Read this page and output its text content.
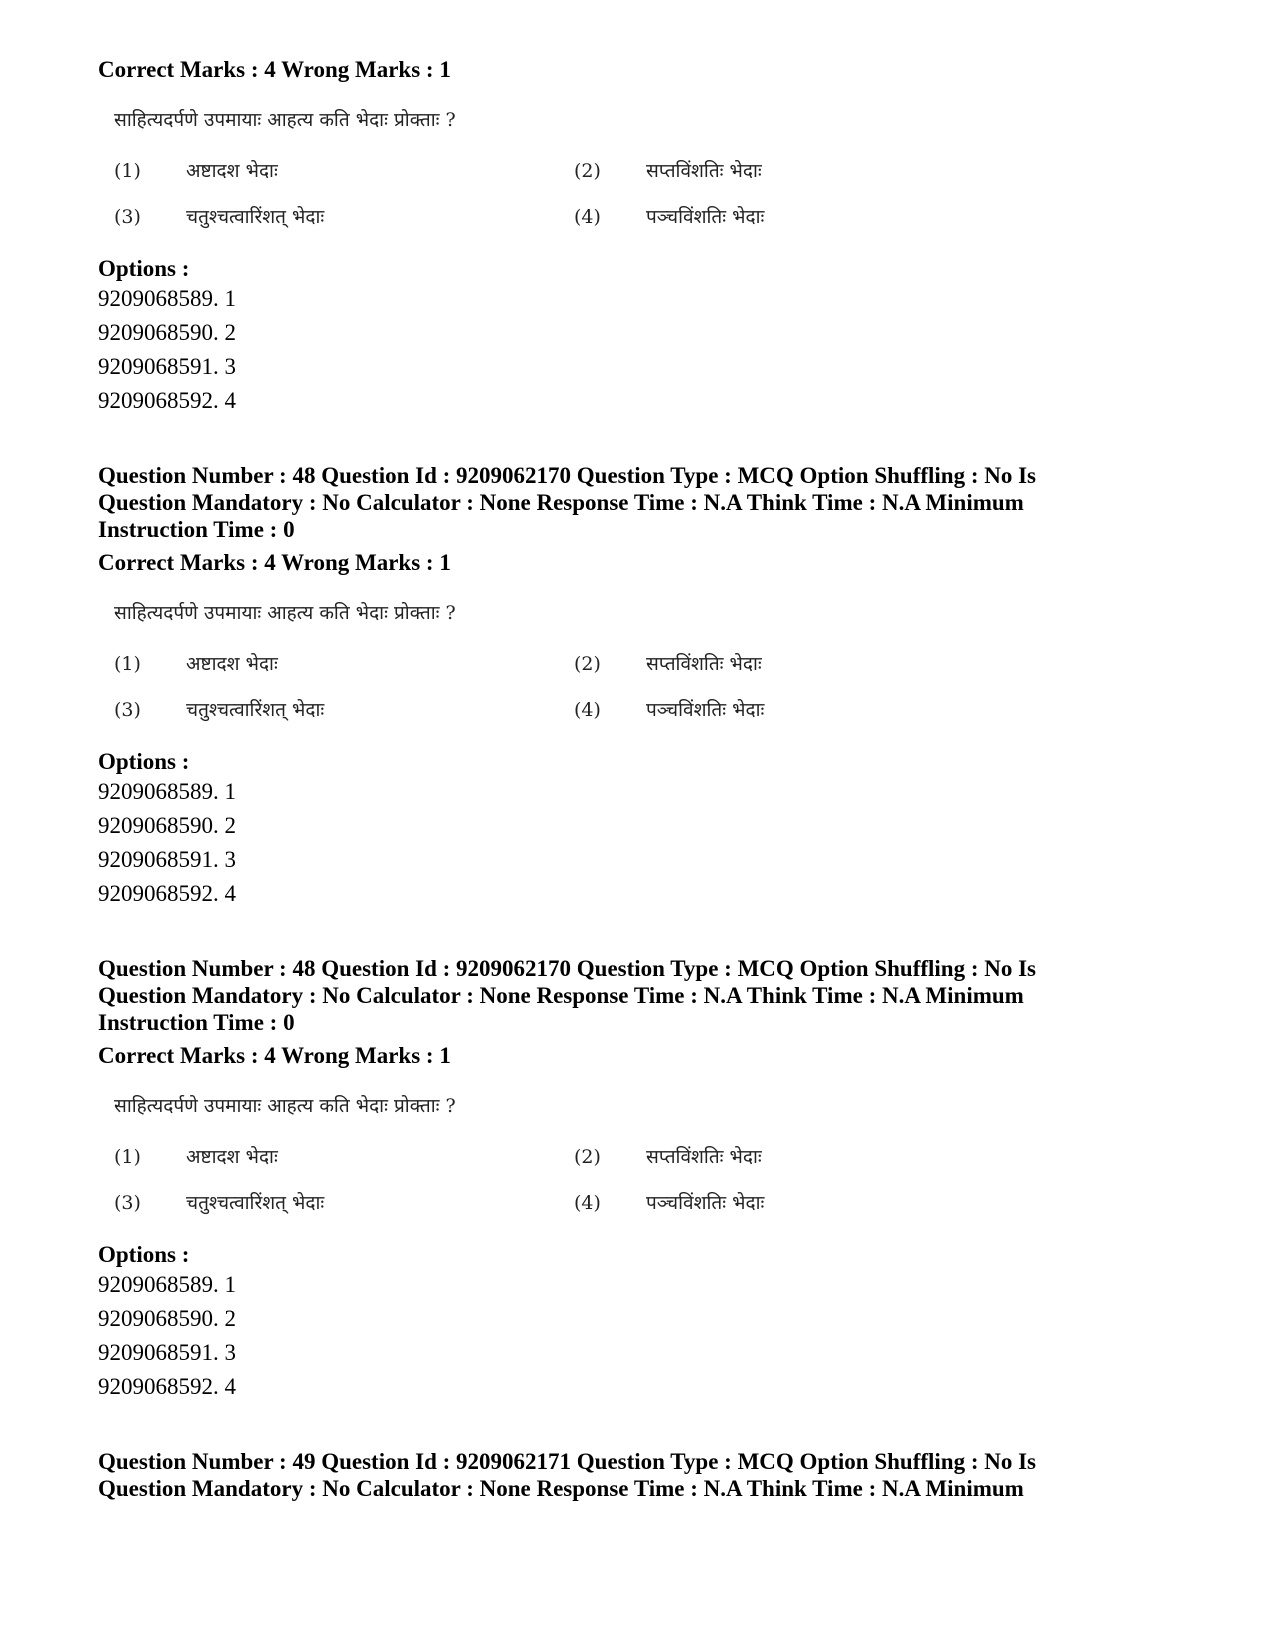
Correct Marks : 4 Wrong Marks : 1
साहित्यदर्पणे उपमायाः आहत्य कति भेदाः प्रोक्ताः ?
(1)	अष्टादश भेदाः	(2)	सप्तविंशतिः भेदाः
(3)	चतुश्चत्वारिंशत् भेदाः	(4)	पञ्चविंशतिः भेदाः
Options :
9209068589. 1
9209068590. 2
9209068591. 3
9209068592. 4
Question Number : 48 Question Id : 9209062170 Question Type : MCQ Option Shuffling : No Is
Question Mandatory : No Calculator : None Response Time : N.A Think Time : N.A Minimum
Instruction Time : 0
Correct Marks : 4 Wrong Marks : 1
साहित्यदर्पणे उपमायाः आहत्य कति भेदाः प्रोक्ताः ?
(1)	अष्टादश भेदाः	(2)	सप्तविंशतिः भेदाः
(3)	चतुश्चत्वारिंशत् भेदाः	(4)	पञ्चविंशतिः भेदाः
Options :
9209068589. 1
9209068590. 2
9209068591. 3
9209068592. 4
Question Number : 48 Question Id : 9209062170 Question Type : MCQ Option Shuffling : No Is
Question Mandatory : No Calculator : None Response Time : N.A Think Time : N.A Minimum
Instruction Time : 0
Correct Marks : 4 Wrong Marks : 1
साहित्यदर्पणे उपमायाः आहत्य कति भेदाः प्रोक्ताः ?
(1)	अष्टादश भेदाः	(2)	सप्तविंशतिः भेदाः
(3)	चतुश्चत्वारिंशत् भेदाः	(4)	पञ्चविंशतिः भेदाः
Options :
9209068589. 1
9209068590. 2
9209068591. 3
9209068592. 4
Question Number : 49 Question Id : 9209062171 Question Type : MCQ Option Shuffling : No Is
Question Mandatory : No Calculator : None Response Time : N.A Think Time : N.A Minimum
